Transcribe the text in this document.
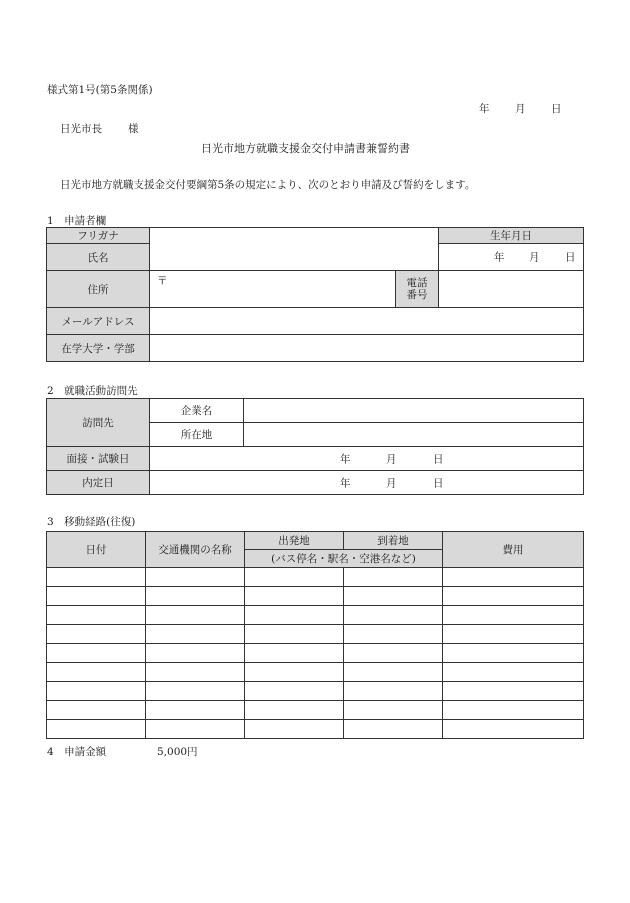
様式第1号(第5条関係)
年 月 日
日光市長 様
日光市地方就職支援金交付申請書兼誓約書
日光市地方就職支援金交付要綱第5条の規定により、次のとおり申請及び誓約をします。
1　申請者欄
フリガナ			生年月日
氏名			年 月 日

住所	〒	電話
番号	
メールアドレス			
在学大学・学部			
2　就職活動訪問先
訪問先	企業名	
	所在地	
面接・試験日	年 月 日	

内定日	年 月 日	
3　移動経路(往復)
日付	交通機関の名称	出発地	到着地	費用
		(バス停名・駅名・空港名など)		

4　申請金額	5,000円
